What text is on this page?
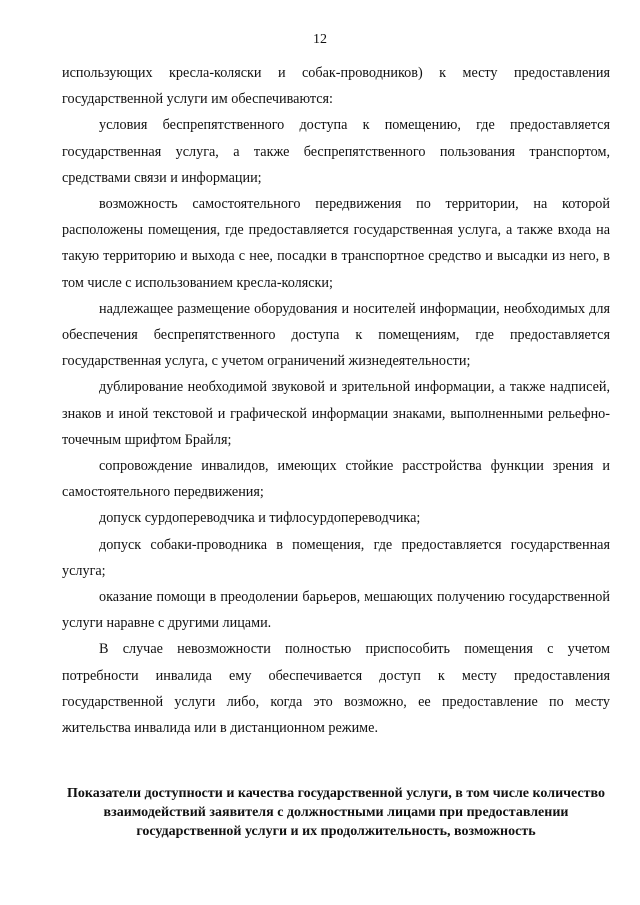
12

использующих кресла-коляски и собак-проводников) к месту предоставления государственной услуги им обеспечиваются:

условия беспрепятственного доступа к помещению, где предоставляется государственная услуга, а также беспрепятственного пользования транспортом, средствами связи и информации;

возможность самостоятельного передвижения по территории, на которой расположены помещения, где предоставляется государственная услуга, а также входа на такую территорию и выхода с нее, посадки в транспортное средство и высадки из него, в том числе с использованием кресла-коляски;

надлежащее размещение оборудования и носителей информации, необходимых для обеспечения беспрепятственного доступа к помещениям, где предоставляется государственная услуга, с учетом ограничений жизнедеятельности;

дублирование необходимой звуковой и зрительной информации, а также надписей, знаков и иной текстовой и графической информации знаками, выполненными рельефно-точечным шрифтом Брайля;

сопровождение инвалидов, имеющих стойкие расстройства функции зрения и самостоятельного передвижения;

допуск сурдопереводчика и тифлосурдопереводчика;

допуск собаки-проводника в помещения, где предоставляется государственная услуга;

оказание помощи в преодолении барьеров, мешающих получению государственной услуги наравне с другими лицами.

В случае невозможности полностью приспособить помещения с учетом потребности инвалида ему обеспечивается доступ к месту предоставления государственной услуги либо, когда это возможно, ее предоставление по месту жительства инвалида или в дистанционном режиме.

Показатели доступности и качества государственной услуги, в том числе количество взаимодействий заявителя с должностными лицами при предоставлении государственной услуги и их продолжительность, возможность
